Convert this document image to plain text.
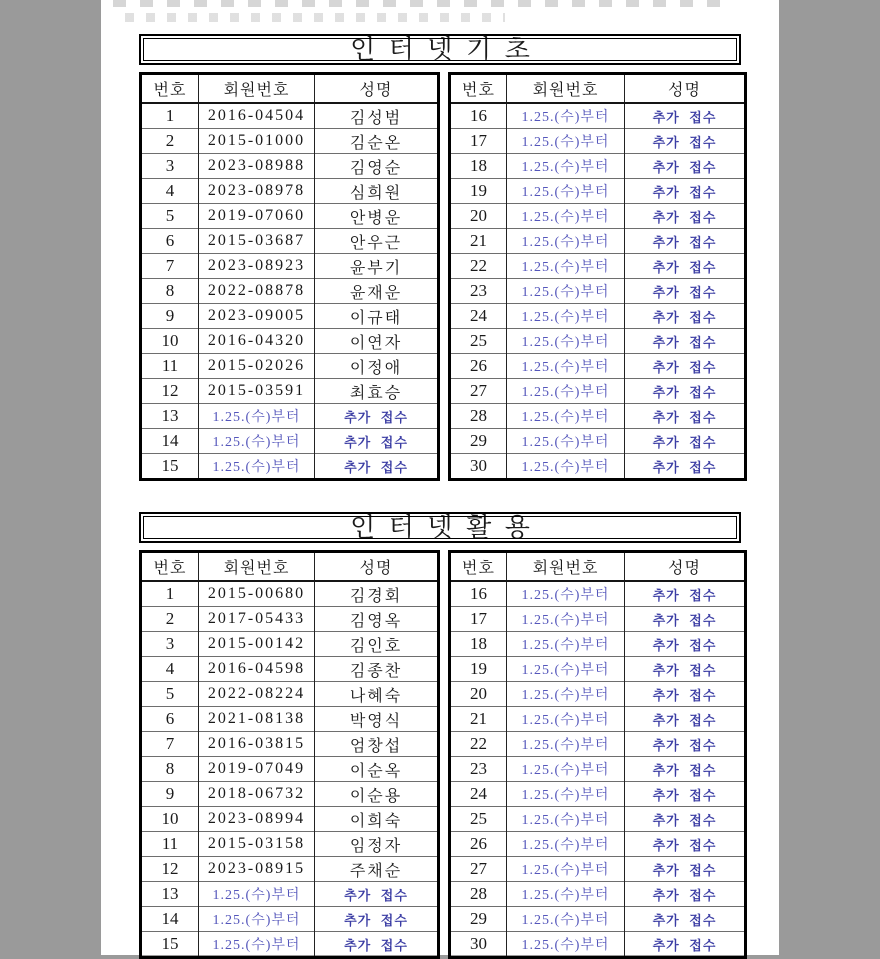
인터넷기초
번호	회원번호	성명
1	2016-04504	김성범
2	2015-01000	김순온
3	2023-08988	김영순
4	2023-08978	심희원
5	2019-07060	안병운
6	2015-03687	안우근
7	2023-08923	윤부기
8	2022-08878	윤재운
9	2023-09005	이규태
10	2016-04320	이연자
11	2015-02026	이정애
12	2015-03591	최효승
13	1.25.(수)부터	추가 접수
14	1.25.(수)부터	추가 접수
15	1.25.(수)부터	추가 접수
번호	회원번호	성명
16	1.25.(수)부터	추가 접수
17	1.25.(수)부터	추가 접수
18	1.25.(수)부터	추가 접수
19	1.25.(수)부터	추가 접수
20	1.25.(수)부터	추가 접수
21	1.25.(수)부터	추가 접수
22	1.25.(수)부터	추가 접수
23	1.25.(수)부터	추가 접수
24	1.25.(수)부터	추가 접수
25	1.25.(수)부터	추가 접수
26	1.25.(수)부터	추가 접수
27	1.25.(수)부터	추가 접수
28	1.25.(수)부터	추가 접수
29	1.25.(수)부터	추가 접수
30	1.25.(수)부터	추가 접수
인터넷활용
번호	회원번호	성명
1	2015-00680	김경회
2	2017-05433	김영옥
3	2015-00142	김인호
4	2016-04598	김종찬
5	2022-08224	나혜숙
6	2021-08138	박영식
7	2016-03815	엄창섭
8	2019-07049	이순옥
9	2018-06732	이순용
10	2023-08994	이희숙
11	2015-03158	임정자
12	2023-08915	주채순
13	1.25.(수)부터	추가 접수
14	1.25.(수)부터	추가 접수
15	1.25.(수)부터	추가 접수
번호	회원번호	성명
16	1.25.(수)부터	추가 접수
17	1.25.(수)부터	추가 접수
18	1.25.(수)부터	추가 접수
19	1.25.(수)부터	추가 접수
20	1.25.(수)부터	추가 접수
21	1.25.(수)부터	추가 접수
22	1.25.(수)부터	추가 접수
23	1.25.(수)부터	추가 접수
24	1.25.(수)부터	추가 접수
25	1.25.(수)부터	추가 접수
26	1.25.(수)부터	추가 접수
27	1.25.(수)부터	추가 접수
28	1.25.(수)부터	추가 접수
29	1.25.(수)부터	추가 접수
30	1.25.(수)부터	추가 접수
